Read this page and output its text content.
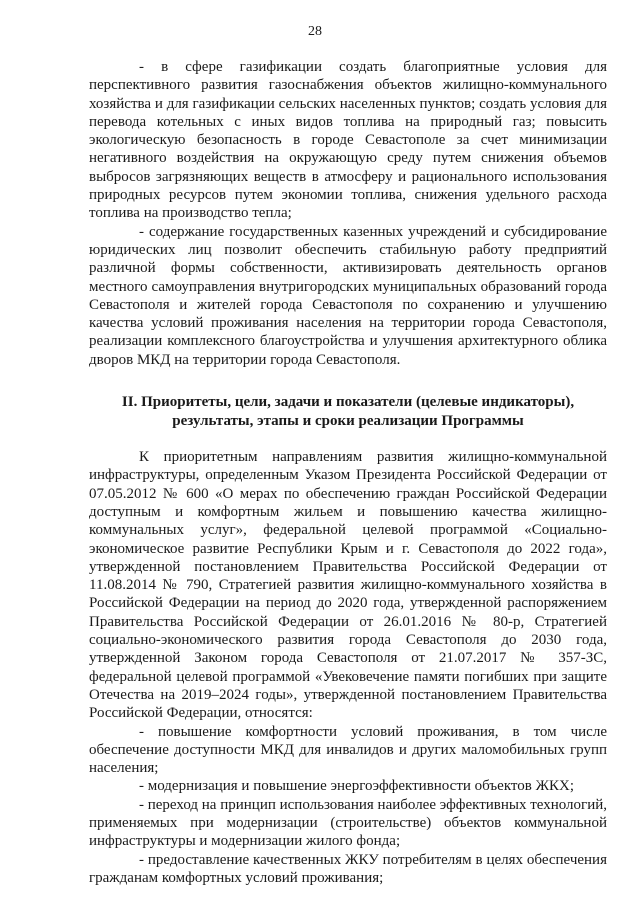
28

- в сфере газификации создать благоприятные условия для перспективного развития газоснабжения объектов жилищно-коммунального хозяйства и для газификации сельских населенных пунктов; создать условия для перевода котельных с иных видов топлива на природный газ; повысить экологическую безопасность в городе Севастополе за счет минимизации негативного воздействия на окружающую среду путем снижения объемов выбросов загрязняющих веществ в атмосферу и рационального использования природных ресурсов путем экономии топлива, снижения удельного расхода топлива на производство тепла;

- содержание государственных казенных учреждений и субсидирование юридических лиц позволит обеспечить стабильную работу предприятий различной формы собственности, активизировать деятельность органов местного самоуправления внутригородских муниципальных образований города Севастополя и жителей города Севастополя по сохранению и улучшению качества условий проживания населения на территории города Севастополя, реализации комплексного благоустройства и улучшения архитектурного облика дворов МКД на территории города Севастополя.

II. Приоритеты, цели, задачи и показатели (целевые индикаторы),
результаты, этапы и сроки реализации Программы

К приоритетным направлениям развития жилищно-коммунальной инфраструктуры, определенным Указом Президента Российской Федерации от 07.05.2012 № 600 «О мерах по обеспечению граждан Российской Федерации доступным и комфортным жильем и повышению качества жилищно-коммунальных услуг», федеральной целевой программой «Социально-экономическое развитие Республики Крым и г. Севастополя до 2022 года», утвержденной постановлением Правительства Российской Федерации от 11.08.2014 № 790, Стратегией развития жилищно-коммунального хозяйства в Российской Федерации на период до 2020 года, утвержденной распоряжением Правительства Российской Федерации от 26.01.2016 № 80-р, Стратегией социально-экономического развития города Севастополя до 2030 года, утвержденной Законом города Севастополя от 21.07.2017 № 357-ЗС, федеральной целевой программой «Увековечение памяти погибших при защите Отечества на 2019–2024 годы», утвержденной постановлением Правительства Российской Федерации, относятся:

- повышение комфортности условий проживания, в том числе обеспечение доступности МКД для инвалидов и других маломобильных групп населения;

- модернизация и повышение энергоэффективности объектов ЖКХ;

- переход на принцип использования наиболее эффективных технологий, применяемых при модернизации (строительстве) объектов коммунальной инфраструктуры и модернизации жилого фонда;

- предоставление качественных ЖКУ потребителям в целях обеспечения гражданам комфортных условий проживания;
